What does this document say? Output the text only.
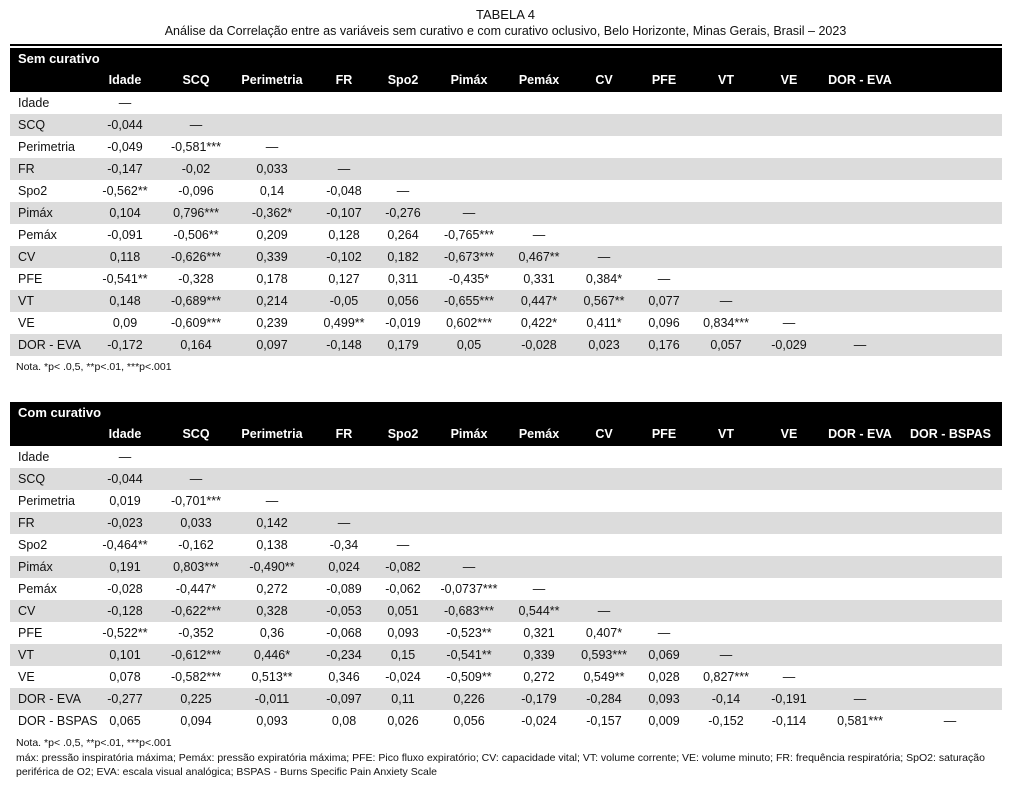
TABELA 4
Análise da Correlação entre as variáveis sem curativo e com curativo oclusivo, Belo Horizonte, Minas Gerais, Brasil – 2023
Sem curativo
Idade	SCQ	Perimetria	FR	Spo2	Pimáx	Pemáx	CV	PFE	VT	VE	DOR - EVA
Idade	—
SCQ	-0,044	—
Perimetria	-0,049	-0,581***	—
FR	-0,147	-0,02	0,033	—
Spo2	-0,562**	-0,096	0,14	-0,048	—
Pimáx	0,104	0,796***	-0,362*	-0,107	-0,276	—
Pemáx	-0,091	-0,506**	0,209	0,128	0,264	-0,765***	—
CV	0,118	-0,626***	0,339	-0,102	0,182	-0,673***	0,467**	—
PFE	-0,541**	-0,328	0,178	0,127	0,311	-0,435*	0,331	0,384*	—
VT	0,148	-0,689***	0,214	-0,05	0,056	-0,655***	0,447*	0,567**	0,077	—
VE	0,09	-0,609***	0,239	0,499**	-0,019	0,602***	0,422*	0,411*	0,096	0,834***	—
DOR - EVA	-0,172	0,164	0,097	-0,148	0,179	0,05	-0,028	0,023	0,176	0,057	-0,029	—
Nota. *p< .0,5, **p<.01, ***p<.001
Com curativo
Idade	SCQ	Perimetria	FR	Spo2	Pimáx	Pemáx	CV	PFE	VT	VE	DOR - EVA	DOR - BSPAS
Idade	—
SCQ	-0,044	—
Perimetria	0,019	-0,701***	—
FR	-0,023	0,033	0,142	—
Spo2	-0,464**	-0,162	0,138	-0,34	—
Pimáx	0,191	0,803***	-0,490**	0,024	-0,082	—
Pemáx	-0,028	-0,447*	0,272	-0,089	-0,062	-0,0737***	—
CV	-0,128	-0,622***	0,328	-0,053	0,051	-0,683***	0,544**	—
PFE	-0,522**	-0,352	0,36	-0,068	0,093	-0,523**	0,321	0,407*	—
VT	0,101	-0,612***	0,446*	-0,234	0,15	-0,541**	0,339	0,593***	0,069	—
VE	0,078	-0,582***	0,513**	0,346	-0,024	-0,509**	0,272	0,549**	0,028	0,827***	—
DOR - EVA	-0,277	0,225	-0,011	-0,097	0,11	0,226	-0,179	-0,284	0,093	-0,14	-0,191	—
DOR - BSPAS 0,065	0,094	0,093	0,08	0,026	0,056	-0,024	-0,157	0,009	-0,152	-0,114	0,581***	—
Nota. *p< .0,5, **p<.01, ***p<.001
máx: pressão inspiratória máxima; Pemáx: pressão expiratória máxima; PFE: Pico fluxo expiratório; CV: capacidade vital; VT: volume corrente; VE: volume minuto; FR: frequência respiratória; SpO2: saturação periférica de O2; EVA: escala visual analógica; BSPAS - Burns Specific Pain Anxiety Scale
